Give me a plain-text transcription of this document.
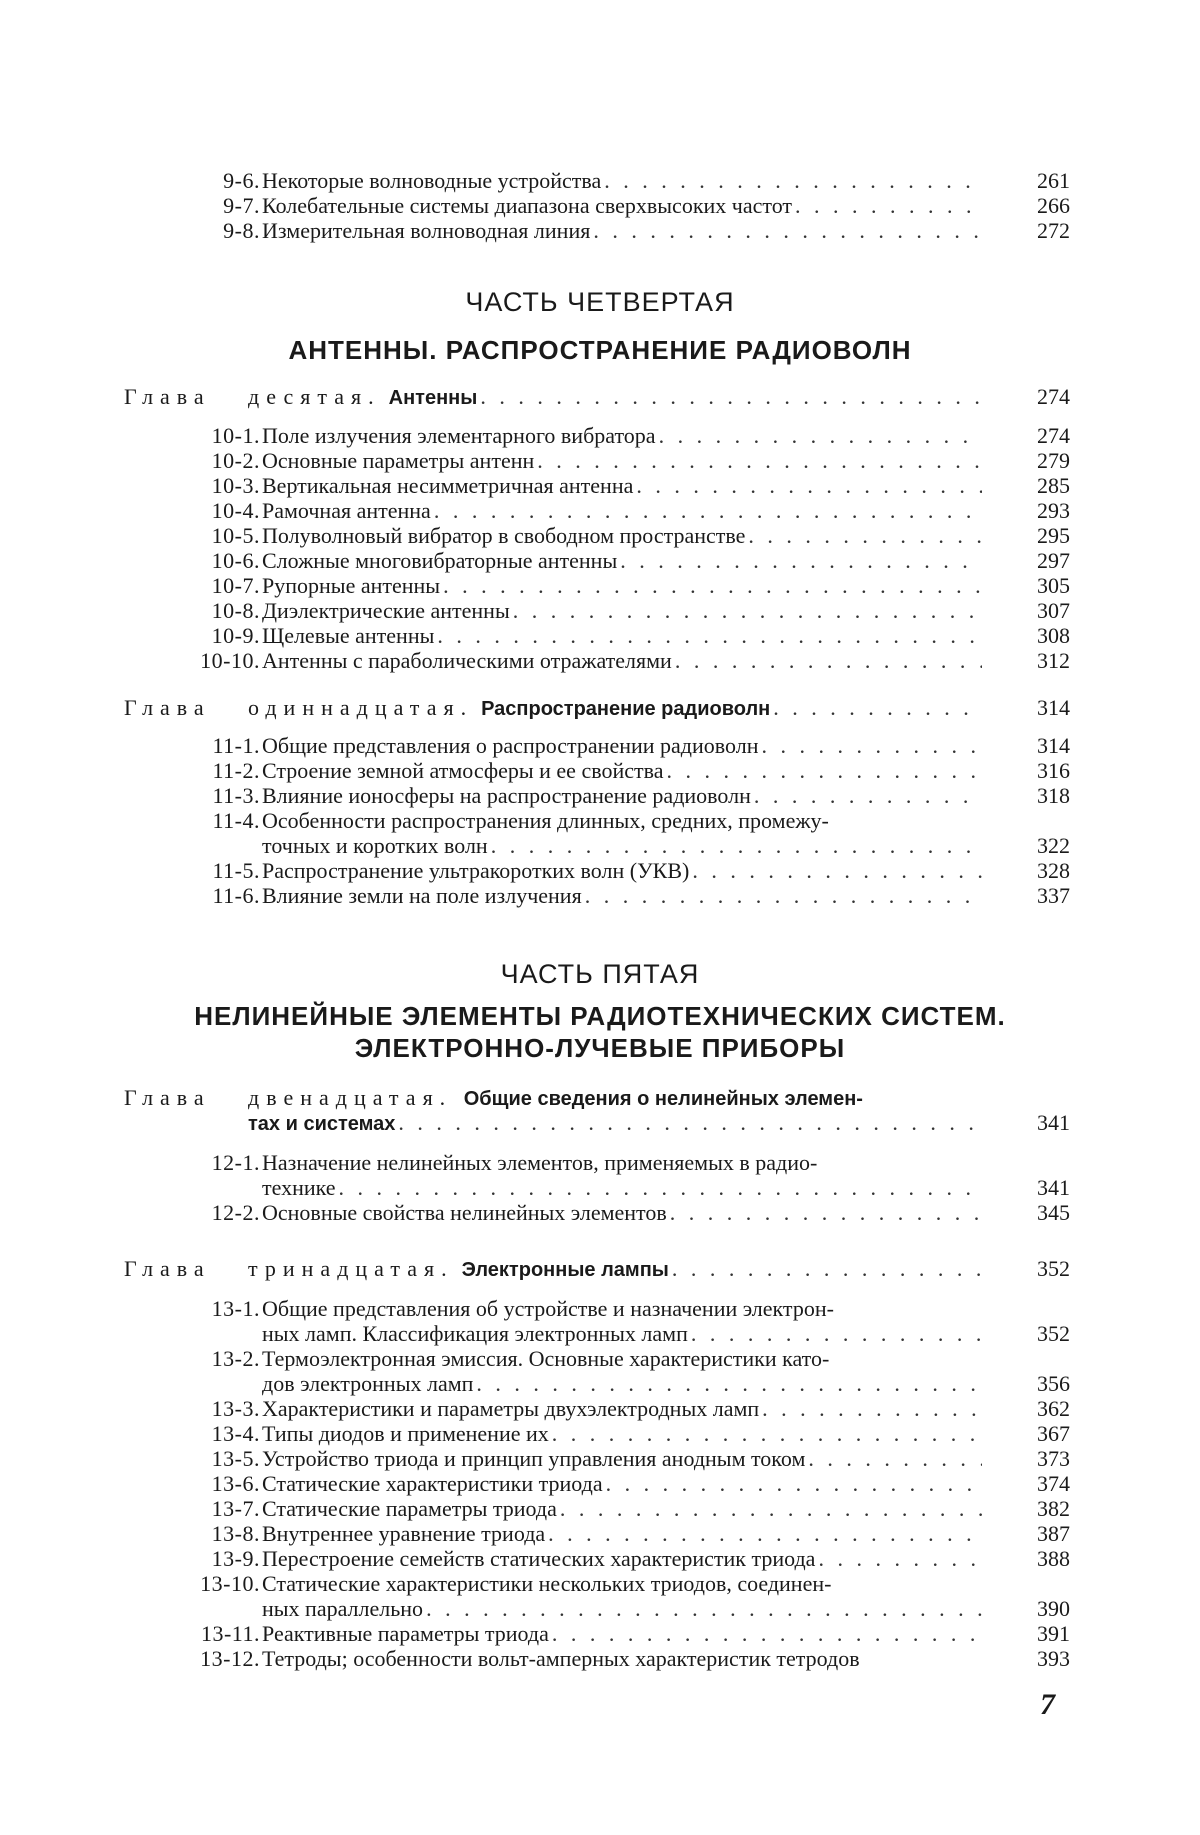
9-6. Некоторые волноводные устройства . . .	261
9-7. Колебательные системы диапазона сверхвысоких частот . . .	266
9-8. Измерительная волноводная линия . . .	272
ЧАСТЬ ЧЕТВЕРТАЯ
АНТЕННЫ. РАСПРОСТРАНЕНИЕ РАДИОВОЛН
Глава десятая. Антенны . . .	274
10-1. Поле излучения элементарного вибратора . . .	274
10-2. Основные параметры антенн . . .	279
10-3. Вертикальная несимметричная антенна . . .	285
10-4. Рамочная антенна . . .	293
10-5. Полуволновый вибратор в свободном пространстве . . .	295
10-6. Сложные многовибраторные антенны . . .	297
10-7. Рупорные антенны . . .	305
10-8. Диэлектрические антенны . . .	307
10-9. Щелевые антенны . . .	308
10-10. Антенны с параболическими отражателями . . .	312
Глава одиннадцатая. Распространение радиоволн . . .	314
11-1. Общие представления о распространении радиоволн . . .	314
11-2. Строение земной атмосферы и ее свойства . . .	316
11-3. Влияние ионосферы на распространение радиоволн . . .	318
11-4. Особенности распространения длинных, средних, промежу-
точных и коротких волн . . .	322
11-5. Распространение ультракоротких волн (УКВ) . . .	328
11-6. Влияние земли на поле излучения . . .	337
ЧАСТЬ ПЯТАЯ
НЕЛИНЕЙНЫЕ ЭЛЕМЕНТЫ РАДИОТЕХНИЧЕСКИХ СИСТЕМ.
ЭЛЕКТРОННО-ЛУЧЕВЫЕ ПРИБОРЫ
Глава двенадцатая. Общие сведения о нелинейных элемен-
тах и системах . . .	341
12-1. Назначение нелинейных элементов, применяемых в радио-
технике . . .	341
12-2. Основные свойства нелинейных элементов . . .	345
Глава тринадцатая. Электронные лампы . . .	352
13-1. Общие представления об устройстве и назначении электрон-
ных ламп. Классификация электронных ламп . . .	352
13-2. Термоэлектронная эмиссия. Основные характеристики като-
дов электронных ламп . . .	356
13-3. Характеристики и параметры двухэлектродных ламп . . .	362
13-4. Типы диодов и применение их . . .	367
13-5. Устройство триода и принцип управления анодным током . . .	373
13-6. Статические характеристики триода . . .	374
13-7. Статические параметры триода . . .	382
13-8. Внутреннее уравнение триода . . .	387
13-9. Перестроение семейств статических характеристик триода . . .	388
13-10. Статические характеристики нескольких триодов, соединен-
ных параллельно . . .	390
13-11. Реактивные параметры триода . . .	391
13-12. Тетроды; особенности вольт-амперных характеристик тетродов	393
7
